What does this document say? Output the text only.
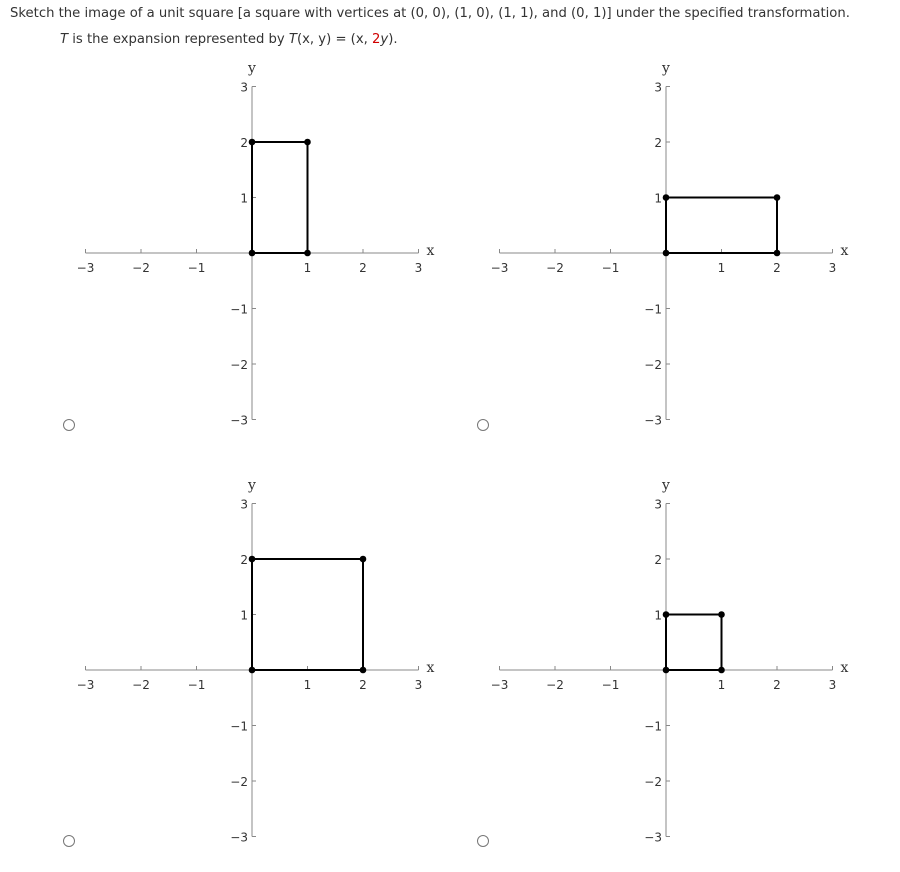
Sketch the image of a unit square [a square with vertices at (0, 0), (1, 0), (1, 1), and (0, 1)] under the specified transformation.
T is the expansion represented by T(x, y) = (x, 2y).
−3	−2	−1	1	2	3
3
2
1
−1
−2
−3
y
x
−3	−2	−1	1	2	3
3
2
1
−1
−2
−3
y
x
−3	−2	−1	1	2	3
3
2
1
−1
−2
−3
y
x
−3	−2	−1	1	2	3
3
2
1
−1
−2
−3
y
x
